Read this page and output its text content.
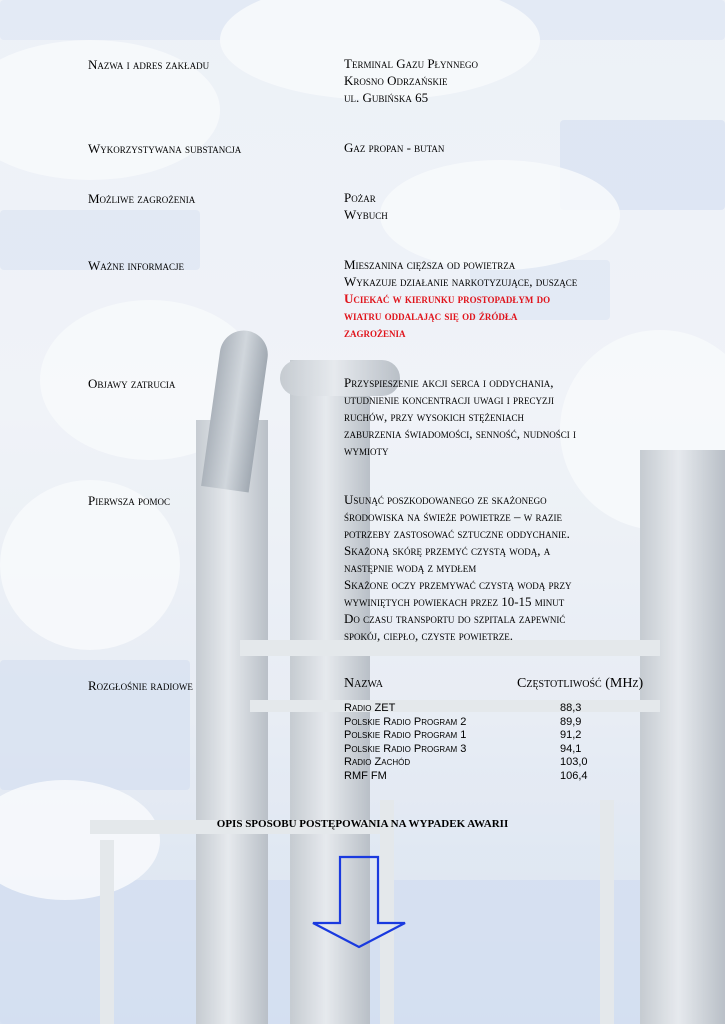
Nazwa i adres zakładu	Terminal Gazu Płynnego
Krosno Odrzańskie
ul. Gubińska 65
Wykorzystywana substancja	Gaz propan - butan
Możliwe zagrożenia	Pożar
Wybuch
Ważne informacje	Mieszanina cięższa od powietrza
Wykazuje działanie narkotyzujące, duszące
Uciekać w kierunku prostopadłym do
wiatru oddalając się od źródła
zagrożenia
Objawy zatrucia	Przyspieszenie akcji serca i oddychania,
utudnienie koncentracji uwagi i precyzji
ruchów, przy wysokich stężeniach
zaburzenia świadomości, senność, nudności i
wymioty
Pierwsza pomoc	Usunąć poszkodowanego ze skażonego
środowiska na świeże powietrze – w razie
potrzeby zastosować sztuczne oddychanie.
Skażoną skórę przemyć czystą wodą, a
następnie wodą z mydłem
Skażone oczy przemywać czystą wodą przy
wywiniętych powiekach przez 10-15 minut
Do czasu transportu do szpitala zapewnić
spokój, ciepło, czyste powietrze.
Rozgłośnie radiowe	Nazwa	Częstotliwość (MHz)
Radio ZET	88,3
Polskie Radio Program 2	89,9
Polskie Radio Program 1	91,2
Polskie Radio Program 3	94,1
Radio Zachód	103,0
RMF FM	106,4
OPIS SPOSOBU POSTĘPOWANIA NA WYPADEK AWARII
